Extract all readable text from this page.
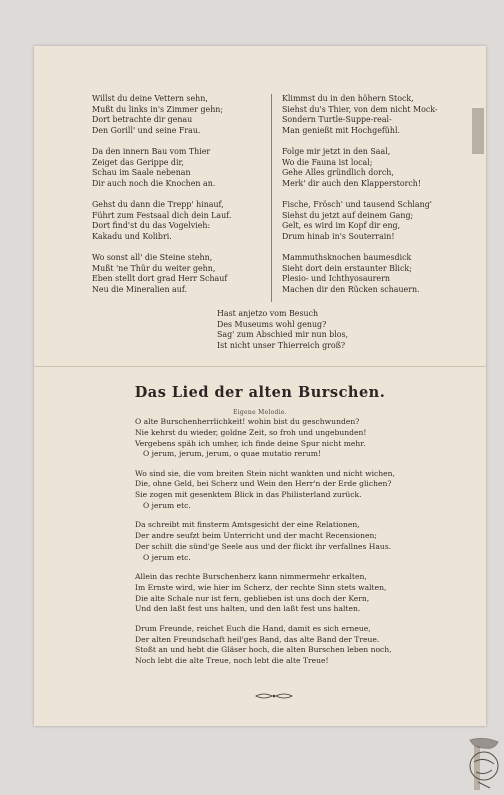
Willst du deine Vettern sehn,
Mußt du links in's Zimmer gehn;
Dort betrachte dir genau
Den Gorill' und seine Frau.
Da den innern Bau vom Thier
Zeiget das Gerippe dir,
Schau im Saale nebenan
Dir auch noch die Knochen an.
Gehst du dann die Trepp' hinauf,
Führt zum Festsaal dich dein Lauf.
Dort find'st du das Vogelvieh:
Kakadu und Kolibri.
Wo sonst all' die Steine stehn,
Mußt 'ne Thür du weiter gehn,
Eben stellt dort grad Herr Schauf
Neu die Mineralien auf.
Klimmst du in den höhern Stock,
Siehst du's Thier, von dem nicht Mock-
Sondern Turtle-Suppe-real-
Man genießt mit Hochgefühl.
Folge mir jetzt in den Saal,
Wo die Fauna ist local;
Gehe Alles gründlich dorch,
Merk' dir auch den Klapperstorch!
Fische, Frösch' und tausend Schlang'
Siehst du jetzt auf deinem Gang;
Gelt, es wird im Kopf dir eng,
Drum hinab in's Souterrain!
Mammuthsknochen baumesdick
Sieht dort dein erstaunter Blick;
Plesio- und Ichthyosaurern
Machen dir den Rücken schauern.
Hast anjetzo vom Besuch
Des Museums wohl genug?
Sag' zum Abschied mir nun blos,
Ist nicht unser Thierreich groß?
Das Lied der alten Burschen.
Eigene Melodie.
O alte Burschenherrlichkeit! wohin bist du geschwunden?
Nie kehrst du wieder, goldne Zeit, so froh und ungebunden!
Vergebens späh ich umher, ich finde deine Spur nicht mehr.
O jerum, jerum, jerum, o quae mutatio rerum!
Wo sind sie, die vom breiten Stein nicht wankten und nicht wichen,
Die, ohne Geld, bei Scherz und Wein den Herr'n der Erde glichen?
Sie zogen mit gesenktem Blick in das Philisterland zurück.
O jerum etc.
Da schreibt mit finsterm Amtsgesicht der eine Relationen,
Der andre seufzt beim Unterricht und der macht Recensionen;
Der schilt die sünd'ge Seele aus und der flickt ihr verfallnes Haus.
O jerum etc.
Allein das rechte Burschenherz kann nimmermehr erkalten,
Im Ernste wird, wie hier im Scherz, der rechte Sinn stets walten,
Die alte Schale nur ist fern, geblieben ist uns doch der Kern,
Und den laßt fest uns halten, und den laßt fest uns halten.
Drum Freunde, reichet Euch die Hand, damit es sich erneue,
Der alten Freundschaft heil'ges Band, das alte Band der Treue.
Stoßt an und hebt die Gläser hoch, die alten Burschen leben noch,
Noch lebt die alte Treue, noch lebt die alte Treue!
